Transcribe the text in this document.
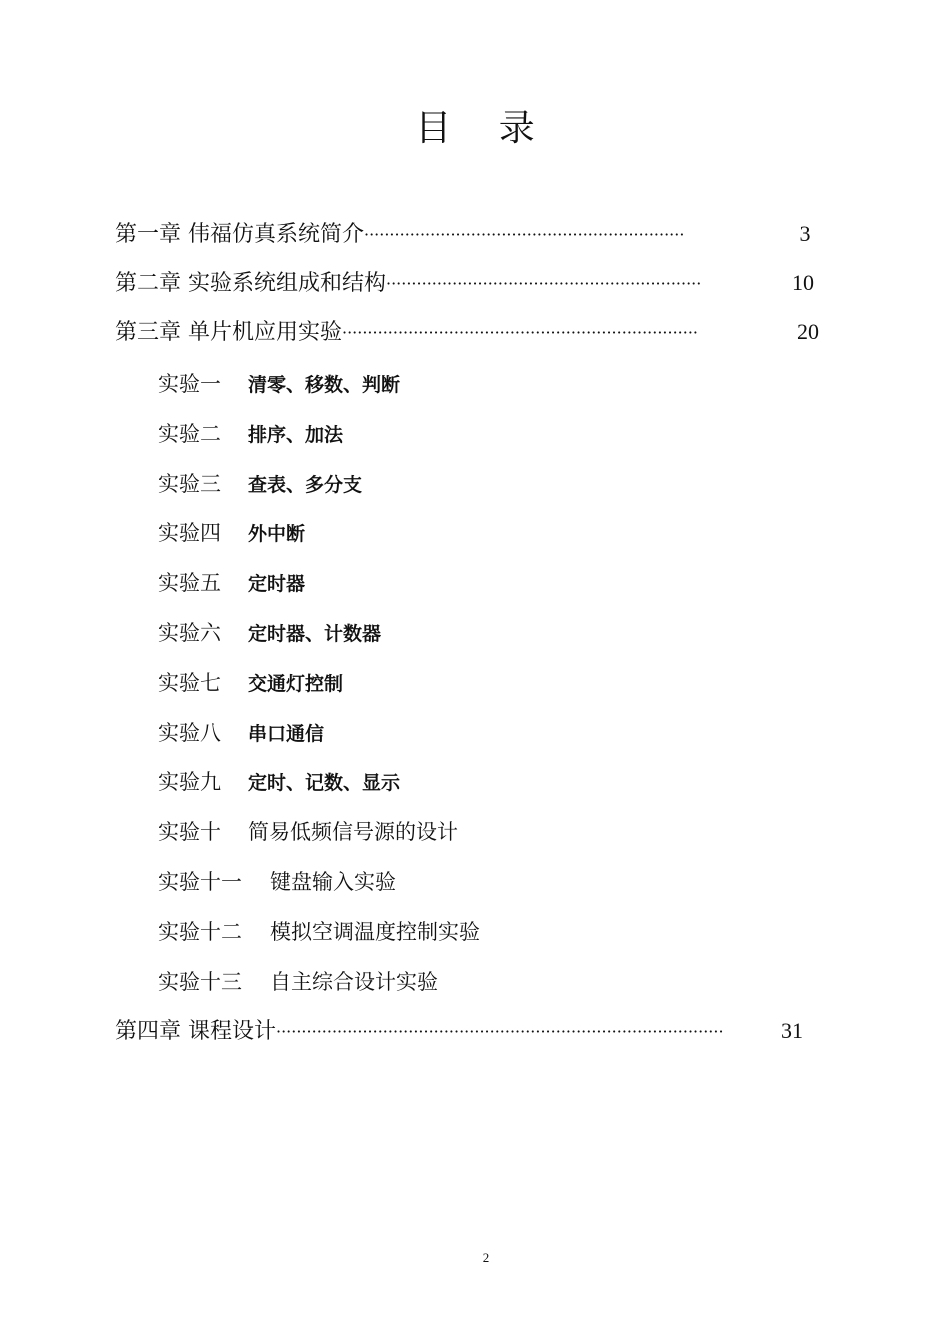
目 录
第一章 伟福仿真系统简介·······························································	3
第二章 实验系统组成和结构······························································	10
第三章 单片机应用实验······································································	20
实验一 清零、移数、判断
实验二 排序、加法
实验三 查表、多分支
实验四 外中断
实验五 定时器
实验六 定时器、计数器
实验七 交通灯控制
实验八 串口通信
实验九 定时、记数、显示
实验十 简易低频信号源的设计
实验十一 键盘输入实验
实验十二 模拟空调温度控制实验
实验十三 自主综合设计实验
第四章 课程设计························································································	31
2
